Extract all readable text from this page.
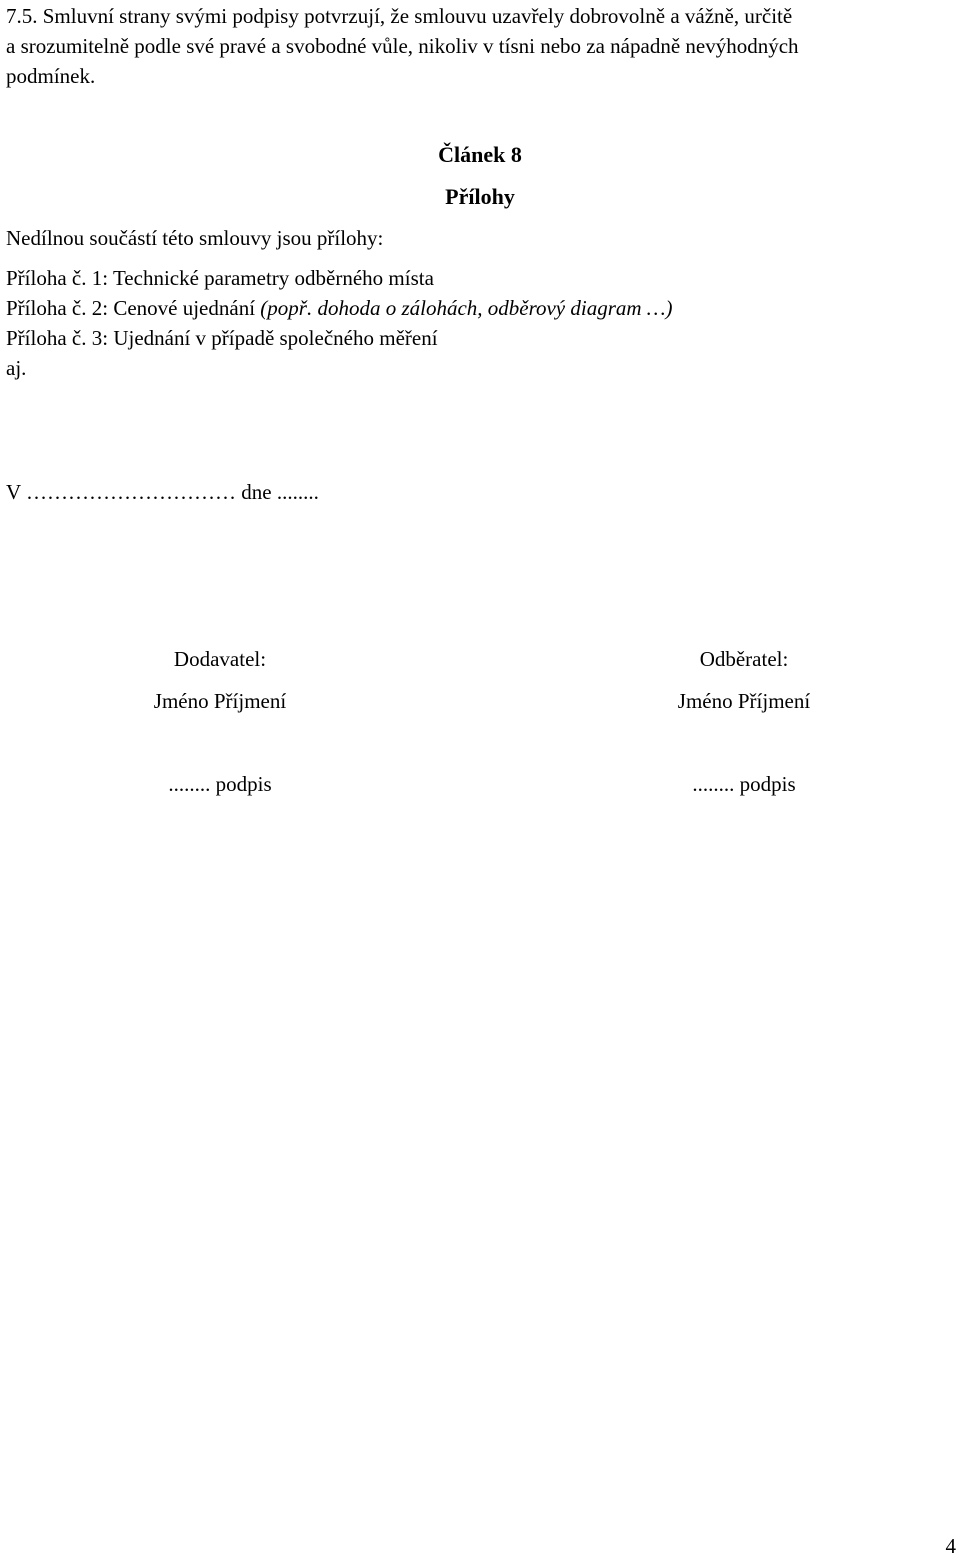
7.5. Smluvní strany svými podpisy potvrzují, že smlouvu uzavřely dobrovolně a vážně, určitě
a srozumitelně podle své pravé a svobodné vůle, nikoliv v tísni nebo za nápadně nevýhodných
podmínek.

Článek 8
Přílohy

Nedílnou součástí této smlouvy jsou přílohy:

Příloha č. 1: Technické parametry odběrného místa
Příloha č. 2: Cenové ujednání (popř. dohoda o zálohách, odběrový diagram …)
Příloha č. 3: Ujednání v případě společného měření
aj.

V ………………………… dne ........

Dodavatel:
Jméno Příjmení
........ podpis
Odběratel:
Jméno Příjmení
........ podpis

4
